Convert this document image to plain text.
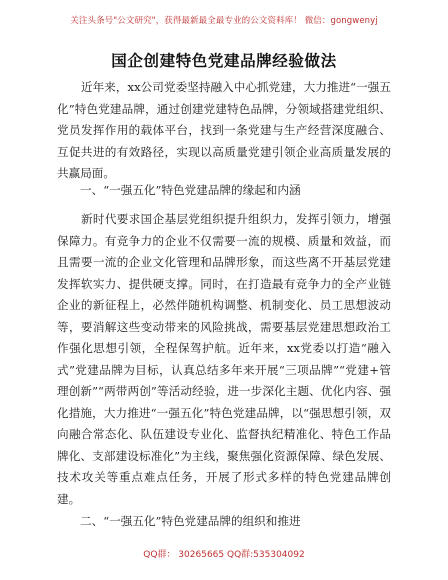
关注头条号"公文研究"，获得最新最全最专业的公文资料库！ 微信：gongwenyj
国企创建特色党建品牌经验做法

近年来，xx公司党委坚持融入中心抓党建，大力推进“一强五化”特色党建品牌，通过创建党建特色品牌，分领域搭建党组织、党员发挥作用的载体平台，找到一条党建与生产经营深度融合、互促共进的有效路径，实现以高质量党建引领企业高质量发展的共赢局面。

一、“一强五化”特色党建品牌的缘起和内涵

新时代要求国企基层党组织提升组织力，发挥引领力，增强保障力。有竞争力的企业不仅需要一流的规模、质量和效益，而且需要一流的企业文化管理和品牌形象，而这些离不开基层党建发挥软实力、提供硬支撑。同时，在打造最有竞争力的全产业链企业的新征程上，必然伴随机构调整、机制变化、员工思想波动等，要消解这些变动带来的风险挑战，需要基层党建思想政治工作强化思想引领，全程保驾护航。近年来，xx党委以打造“融入式”党建品牌为目标，认真总结多年来开展“三项品牌”“党建+管理创新”“两带两创”等活动经验，进一步深化主题、优化内容、强化措施，大力推进“一强五化”特色党建品牌，以“强思想引领，双向融合常态化、队伍建设专业化、监督执纪精准化、特色工作品牌化、支部建设标准化”为主线，聚焦强化资源保障、绿色发展、技术攻关等重点难点任务，开展了形式多样的特色党建品牌创建。

二、“一强五化”特色党建品牌的组织和推进
QQ群： 30265665 QQ群:535304092
